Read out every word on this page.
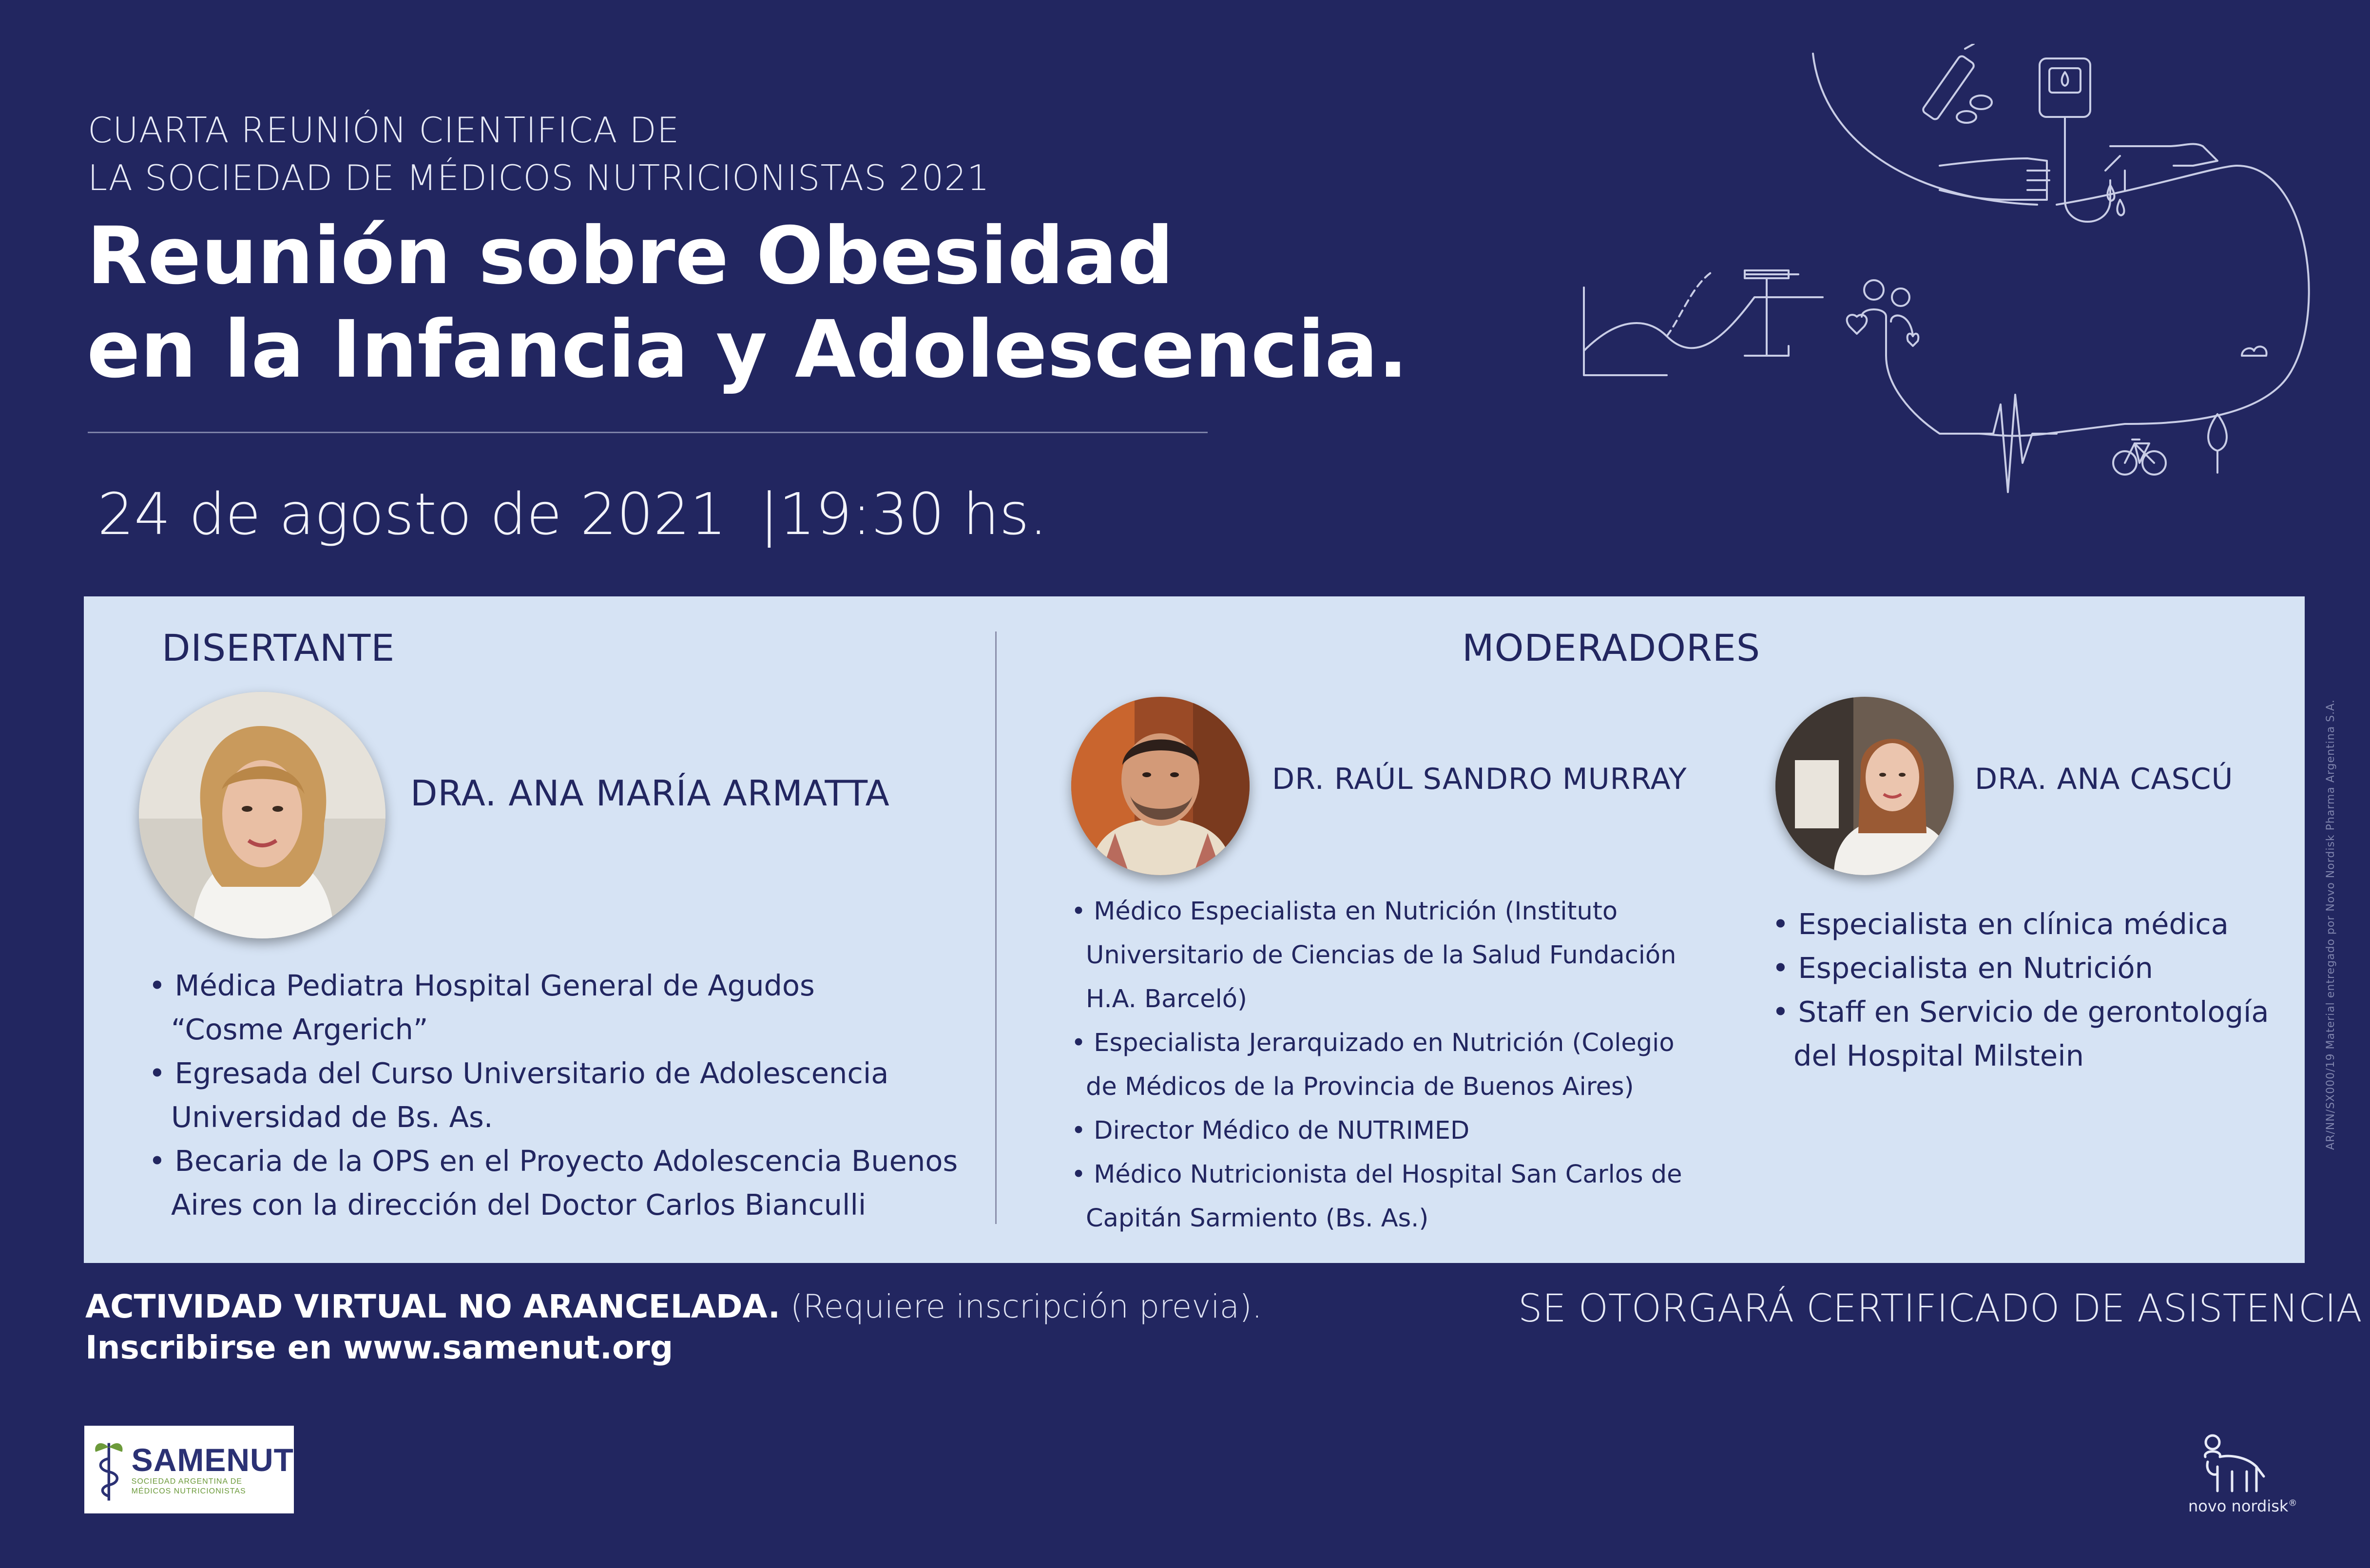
CUARTA REUNIÓN CIENTIFICA DE
LA SOCIEDAD DE MÉDICOS NUTRICIONISTAS 2021
Reunión sobre Obesidad
en la Infancia y Adolescencia.
24 de agosto de 2021 |19:30 hs.
DISERTANTE
DRA. ANA MARÍA ARMATTA
• Médica Pediatra Hospital General de Agudos
“Cosme Argerich”
• Egresada del Curso Universitario de Adolescencia
Universidad de Bs. As.
• Becaria de la OPS en el Proyecto Adolescencia Buenos
Aires con la dirección del Doctor Carlos Bianculli
MODERADORES
DR. RAÚL SANDRO MURRAY
• Médico Especialista en Nutrición (Instituto
Universitario de Ciencias de la Salud Fundación
H.A. Barceló)
• Especialista Jerarquizado en Nutrición (Colegio
de Médicos de la Provincia de Buenos Aires)
• Director Médico de NUTRIMED
• Médico Nutricionista del Hospital San Carlos de
Capitán Sarmiento (Bs. As.)
DRA. ANA CASCÚ
• Especialista en clínica médica
• Especialista en Nutrición
• Staff en Servicio de gerontología
del Hospital Milstein	AR/NN/SX000/19 Material entregado por Novo Nordisk Pharma Argentina S.A.
ACTIVIDAD VIRTUAL NO ARANCELADA. (Requiere inscripción previa).
Inscribirse en www.samenut.org
SE OTORGARÁ CERTIFICADO DE ASISTENCIA
SAMENUT
SOCIEDAD ARGENTINA DE
MÉDICOS NUTRICIONISTAS
novo nordisk®
